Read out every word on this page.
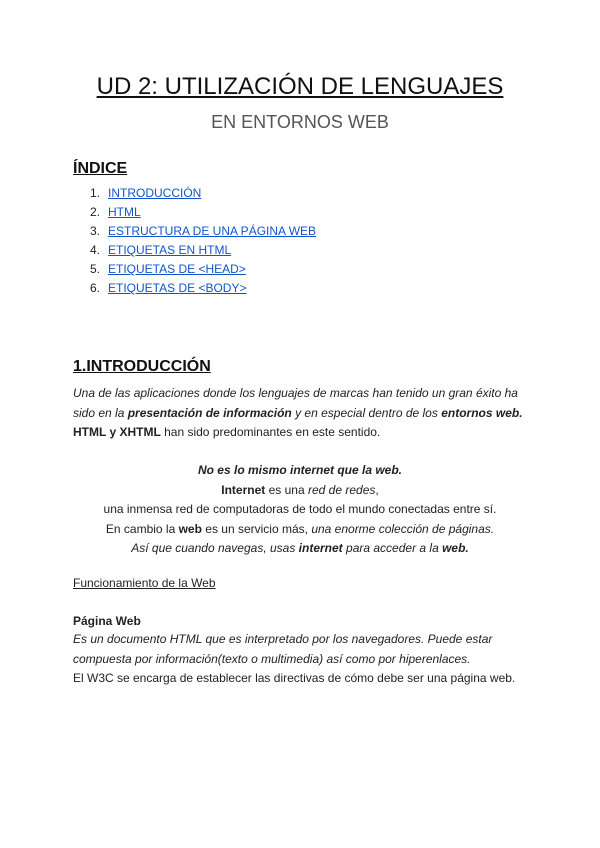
UD 2: UTILIZACIÓN DE LENGUAJES
EN ENTORNOS WEB
ÍNDICE
1. INTRODUCCIÓN
2. HTML
3. ESTRUCTURA DE UNA PÁGINA WEB
4. ETIQUETAS EN HTML
5. ETIQUETAS DE <HEAD>
6. ETIQUETAS DE <BODY>
1.INTRODUCCIÓN

Una de las aplicaciones donde los lenguajes de marcas han tenido un gran éxito ha sido en la presentación de información y en especial dentro de los entornos web.

HTML y XHTML han sido predominantes en este sentido.

No es lo mismo internet que la web.
Internet es una red de redes,
una inmensa red de computadoras de todo el mundo conectadas entre sí.
En cambio la web es un servicio más, una enorme colección de páginas.
Así que cuando navegas, usas internet para acceder a la web.
Funcionamiento de la Web
Página Web

Es un documento HTML que es interpretado por los navegadores. Puede estar compuesta por información(texto o multimedia) así como por hiperenlaces.
El W3C se encarga de establecer las directivas de cómo debe ser una página web.
